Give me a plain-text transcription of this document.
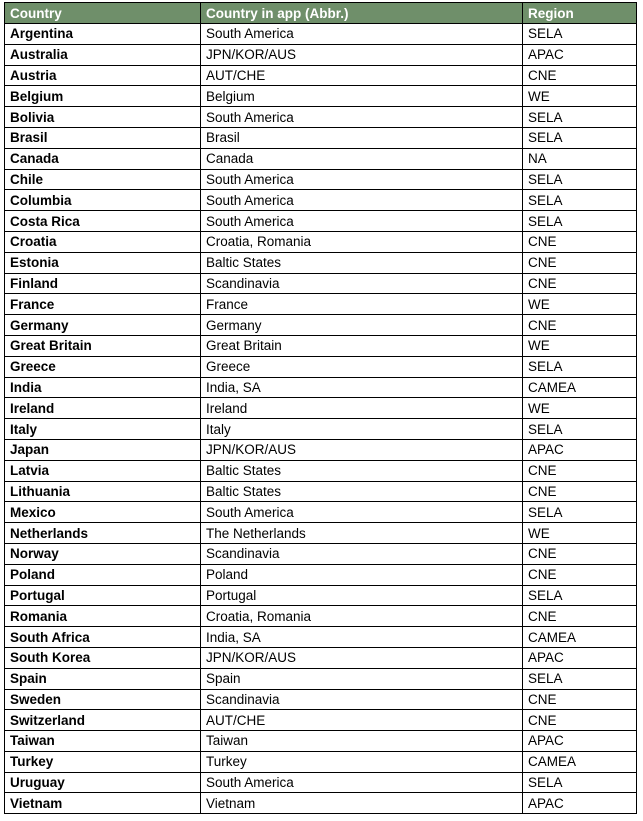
Country	Country in app (Abbr.)	Region
Argentina	South America	SELA
Australia	JPN/KOR/AUS	APAC
Austria	AUT/CHE	CNE
Belgium	Belgium	WE
Bolivia	South America	SELA
Brasil	Brasil	SELA
Canada	Canada	NA
Chile	South America	SELA
Columbia	South America	SELA
Costa Rica	South America	SELA
Croatia	Croatia, Romania	CNE
Estonia	Baltic States	CNE
Finland	Scandinavia	CNE
France	France	WE
Germany	Germany	CNE
Great Britain	Great Britain	WE
Greece	Greece	SELA
India	India, SA	CAMEA
Ireland	Ireland	WE
Italy	Italy	SELA
Japan	JPN/KOR/AUS	APAC
Latvia	Baltic States	CNE
Lithuania	Baltic States	CNE
Mexico	South America	SELA
Netherlands	The Netherlands	WE
Norway	Scandinavia	CNE
Poland	Poland	CNE
Portugal	Portugal	SELA
Romania	Croatia, Romania	CNE
South Africa	India, SA	CAMEA
South Korea	JPN/KOR/AUS	APAC
Spain	Spain	SELA
Sweden	Scandinavia	CNE
Switzerland	AUT/CHE	CNE
Taiwan	Taiwan	APAC
Turkey	Turkey	CAMEA
Uruguay	South America	SELA
Vietnam	Vietnam	APAC
